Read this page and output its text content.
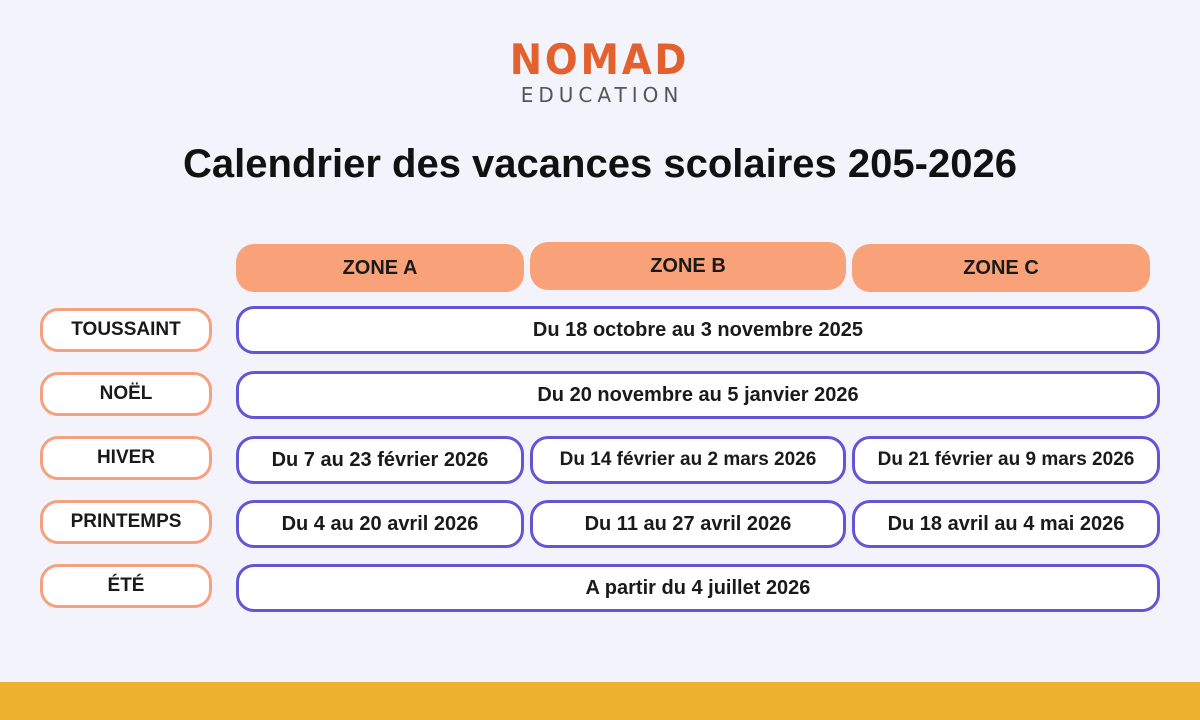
NOMAD
EDUCATION
Calendrier des vacances scolaires 205-2026
ZONE A	ZONE B	ZONE C
TOUSSAINT	Du 18 octobre au 3 novembre 2025
NOËL	Du 20 novembre au 5 janvier 2026
HIVER	Du 7 au 23 février 2026	Du 14 février au 2 mars 2026	Du 21 février au 9 mars 2026
PRINTEMPS	Du 4 au 20 avril 2026	Du 11 au 27 avril 2026	Du 18 avril au 4 mai 2026
ÉTÉ	A partir du 4 juillet 2026
